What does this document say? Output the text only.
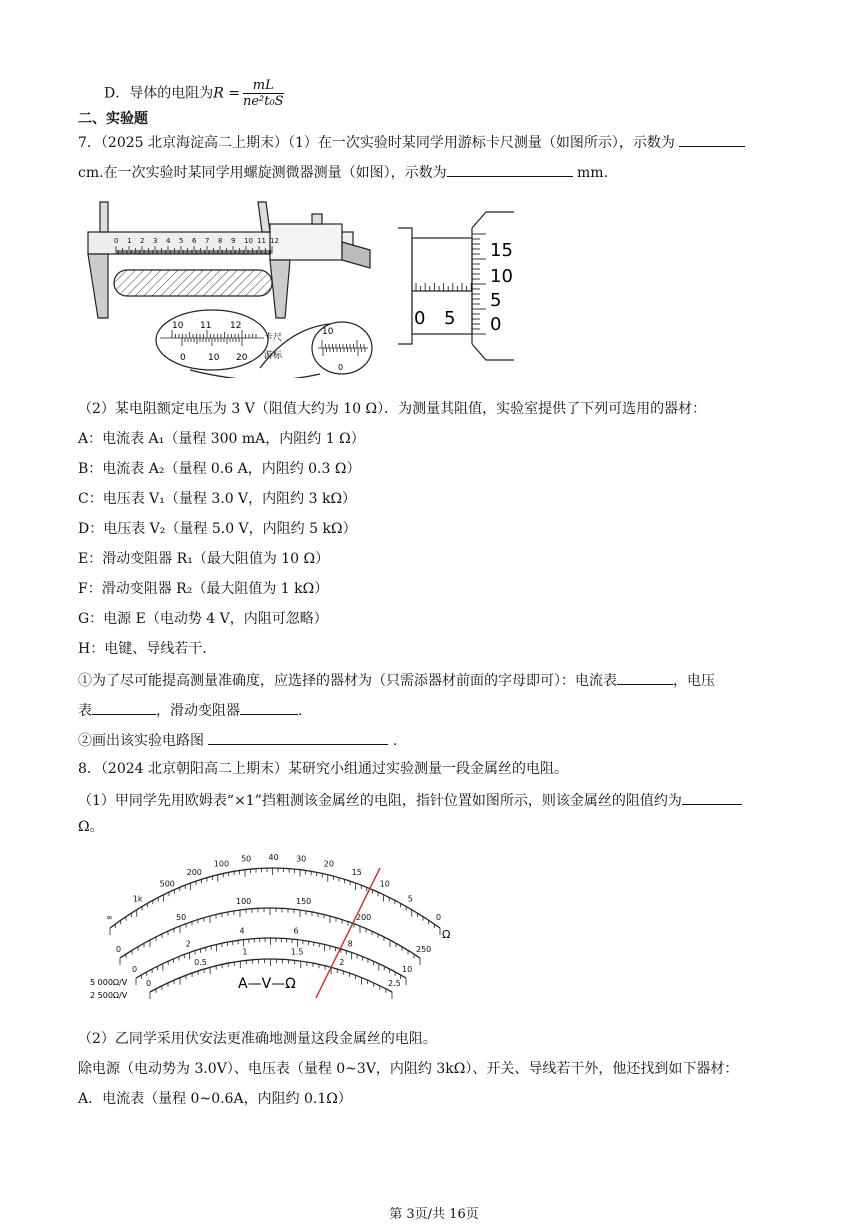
D．导体的电阻为$R = \frac{mL}{\text{ne²t₀S}}$
二、实验题
7．（2025 北京海淀高二上期末）（1）在一次实验时某同学用游标卡尺测量（如图所示），示数为
cm.在一次实验时某同学用螺旋测微器测量（如图），示数为	mm.
0 1 2 3 4 5 6 7 8 9 10 11 12
10 11 12
0 10 20
卡尺
游标
10
0
0 5
15
10
5
0
（2）某电阻额定电压为 3 V（阻值大约为 10 Ω）．为测量其阻值，实验室提供了下列可选用的器材：
A：电流表 A₁（量程 300 mA，内阻约 1 Ω）
B：电流表 A₂（量程 0.6 A，内阻约 0.3 Ω）
C：电压表 V₁（量程 3.0 V，内阻约 3 kΩ）
D：电压表 V₂（量程 5.0 V，内阻约 5 kΩ）
E：滑动变阻器 R₁（最大阻值为 10 Ω）
F：滑动变阻器 R₂（最大阻值为 1 kΩ）
G：电源 E（电动势 4 V，内阻可忽略）
H：电键、导线若干.
①为了尽可能提高测量准确度，应选择的器材为（只需添器材前面的字母即可）：电流表	，电压
表	，滑动变阻器	.
②画出该实验电路图	.
8．（2024 北京朝阳高二上期末）某研究小组通过实验测量一段金属丝的电阻。
（1）甲同学先用欧姆表“×1”挡粗测该金属丝的电阻，指针位置如图所示，则该金属丝的阻值约为
Ω。
∞
1k
500
200
100
50 40 30
20
15
10
5
0
0
50
100	150
200
250
0
2
4	6
8
10
0
0.5
1	1.5
2
2.5
A—V—Ω
Ω
5 000Ω/V
2 500Ω/V
（2）乙同学采用伏安法更准确地测量这段金属丝的电阻。
除电源（电动势为 3.0V）、电压表（量程 0~3V，内阻约 3kΩ）、开关、导线若干外，他还找到如下器材：
A．电流表（量程 0~0.6A，内阻约 0.1Ω）
第 3页/共 16页
